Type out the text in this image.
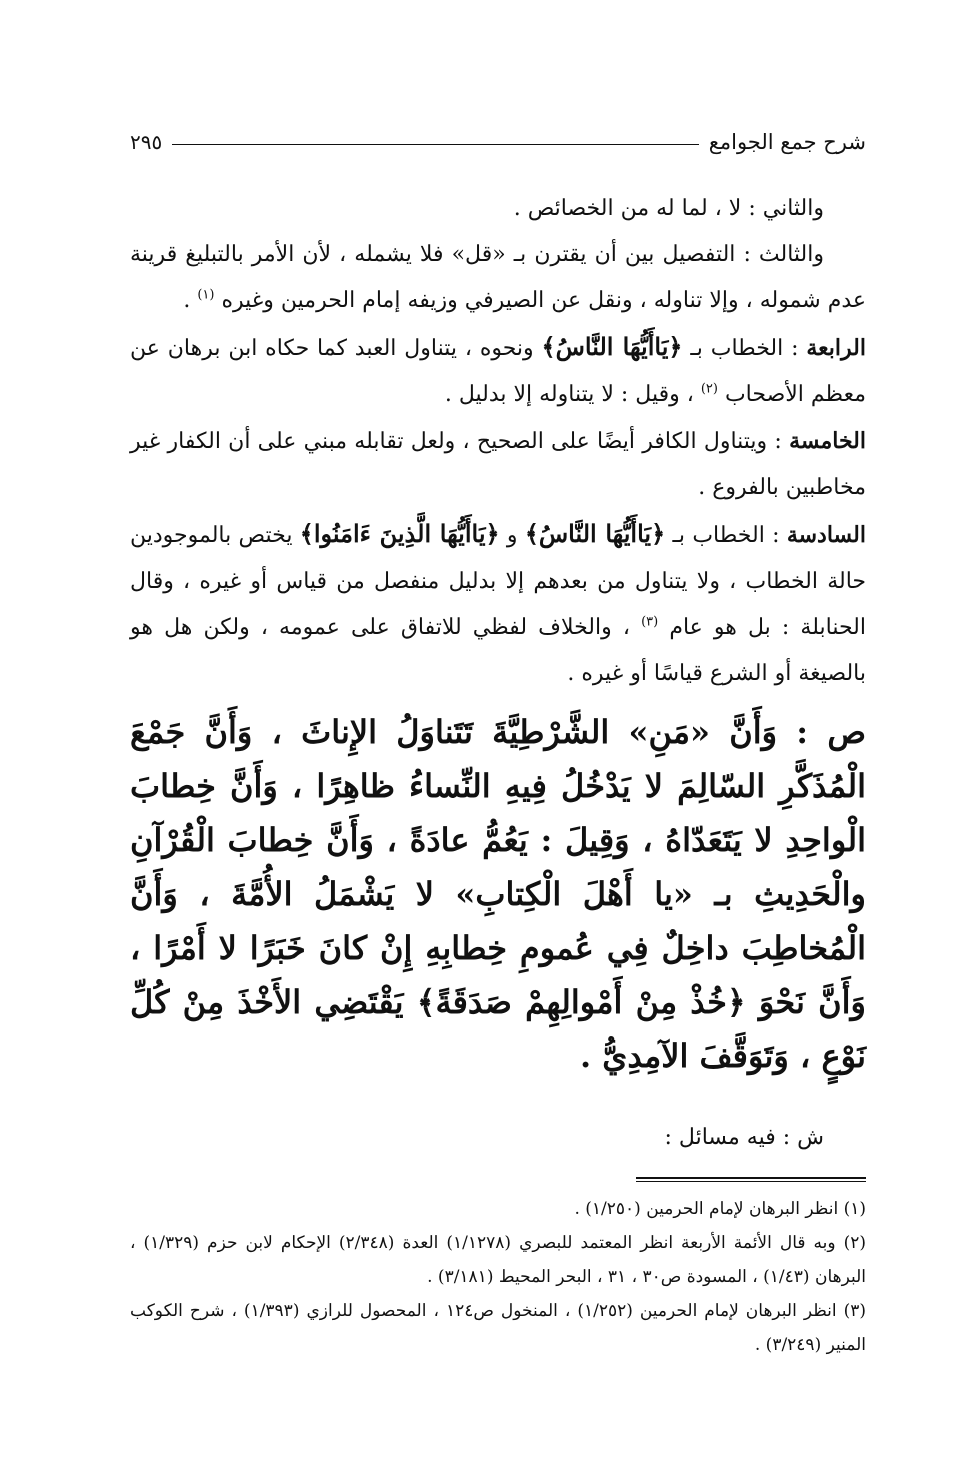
شرح جمع الجوامع
٢٩٥

والثاني : لا ، لما له من الخصائص .

والثالث : التفصيل بين أن يقترن بـ «قل» فلا يشمله ، لأن الأمر بالتبليغ قرينة عدم شموله ، وإلا تناوله ، ونقل عن الصيرفي وزيفه إمام الحرمين وغيره $^{(١)}$ .

الرابعة : الخطاب بـ ﴿يَاأَيُّهَا النَّاسُ﴾ ونحوه ، يتناول العبد كما حكاه ابن برهان عن معظم الأصحاب $^{(٢)}$ ، وقيل : لا يتناوله إلا بدليل .

الخامسة : ويتناول الكافر أيضًا على الصحيح ، ولعل تقابله مبني على أن الكفار غير مخاطبين بالفروع .

السادسة : الخطاب بـ ﴿يَاأَيُّهَا النَّاسُ﴾ و ﴿يَاأَيُّهَا الَّذِينَ ءَامَنُوا﴾ يختص بالموجودين حالة الخطاب ، ولا يتناول من بعدهم إلا بدليل منفصل من قياس أو غيره ، وقال الحنابلة : بل هو عام $^{(٣)}$ ، والخلاف لفظي للاتفاق على عمومه ، ولكن هل هو بالصيغة أو الشرع قياسًا أو غيره .

ص : وَأَنَّ «مَنِ» الشَّرْطِيَّةَ تَتَناوَلُ الإِناثَ ، وَأَنَّ جَمْعَ الْمُذَكَّرِ السّالِمَ لا يَدْخُلُ فِيهِ النِّساءُ ظاهِرًا ، وَأَنَّ خِطابَ الْواحِدِ لا يَتَعَدّاهُ ، وَقِيلَ : يَعُمُّ عادَةً ، وَأَنَّ خِطابَ الْقُرْآنِ والْحَدِيثِ بـ «يا أَهْلَ الْكِتابِ» لا يَشْمَلُ الأُمَّةَ ، وَأَنَّ الْمُخاطِبَ داخِلٌ فِي عُمومِ خِطابِهِ إِنْ كانَ خَبَرًا لا أَمْرًا ، وَأَنَّ نَحْوَ ﴿خُذْ مِنْ أَمْوالِهِمْ صَدَقَةً﴾ يَقْتَضِي الأَخْذَ مِنْ كُلِّ نَوْعٍ ، وَتَوَقَّفَ الآمِدِيُّ .

ش : فيه مسائل :

(١) انظر البرهان لإمام الحرمين (١/٢٥٠) .

(٢) وبه قال الأئمة الأربعة انظر المعتمد للبصري (١/١٢٧٨) العدة (٢/٣٤٨) الإحكام لابن حزم (١/٣٢٩) ، البرهان (١/٤٣) ، المسودة ص٣٠ ، ٣١ ، البحر المحيط (٣/١٨١) .

(٣) انظر البرهان لإمام الحرمين (١/٢٥٢) ، المنخول ص١٢٤ ، المحصول للرازي (١/٣٩٣) ، شرح الكوكب المنير (٣/٢٤٩) .
